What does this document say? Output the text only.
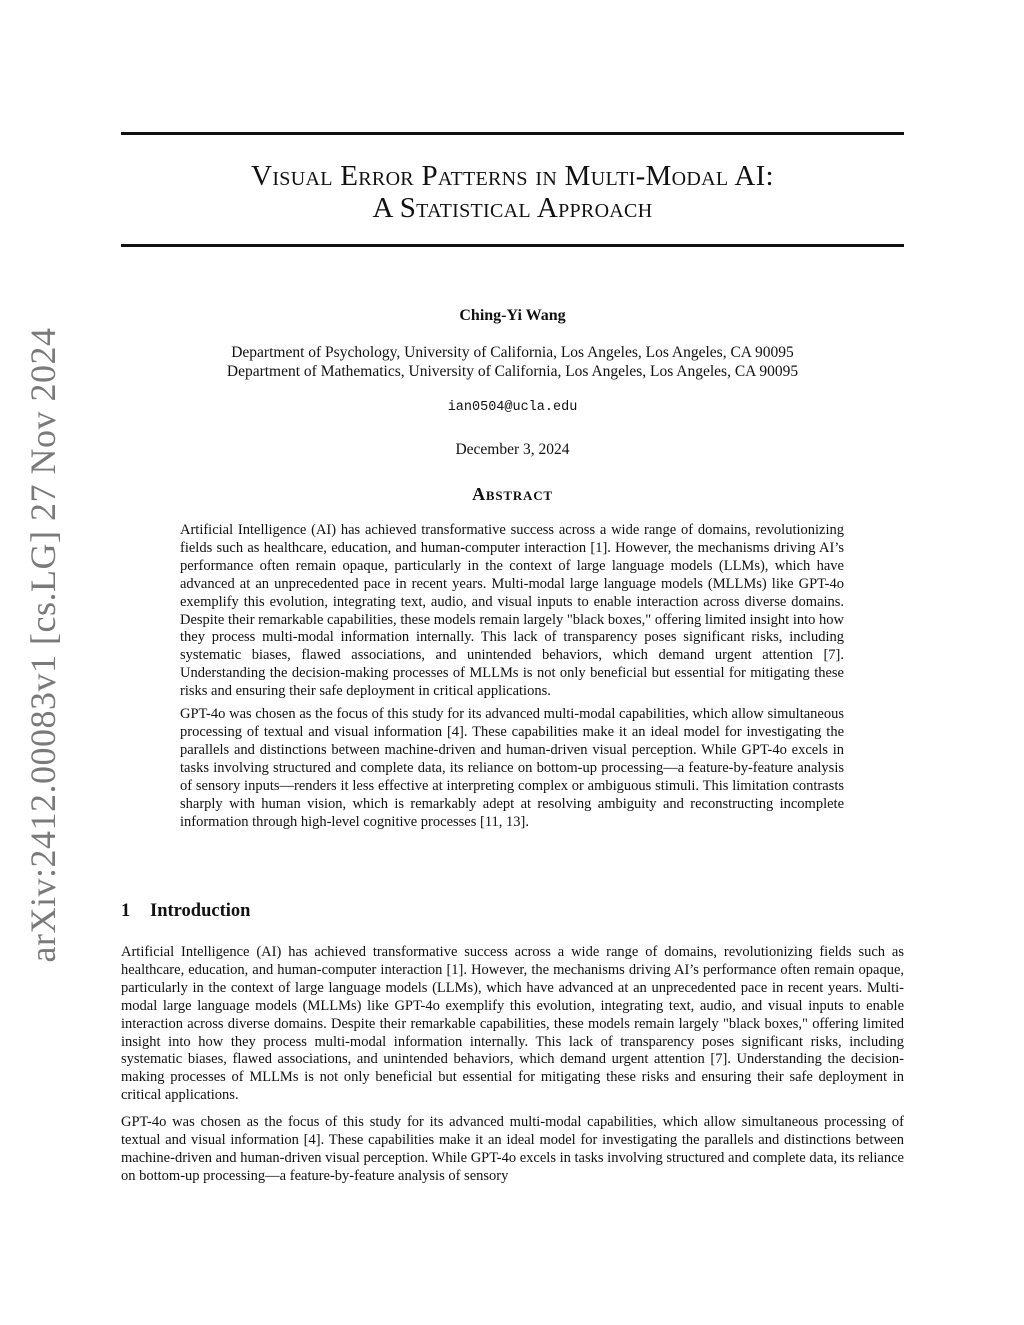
arXiv:2412.00083v1 [cs.LG] 27 Nov 2024
Visual Error Patterns in Multi-Modal AI:
A Statistical Approach
Ching-Yi Wang
Department of Psychology, University of California, Los Angeles, Los Angeles, CA 90095
Department of Mathematics, University of California, Los Angeles, Los Angeles, CA 90095
ian0504@ucla.edu
December 3, 2024
Abstract

Artificial Intelligence (AI) has achieved transformative success across a wide range of domains, revolutionizing fields such as healthcare, education, and human-computer interaction [1]. However, the mechanisms driving AI’s performance often remain opaque, particularly in the context of large language models (LLMs), which have advanced at an unprecedented pace in recent years. Multi-modal large language models (MLLMs) like GPT-4o exemplify this evolution, integrating text, audio, and visual inputs to enable interaction across diverse domains. Despite their remarkable capabilities, these models remain largely "black boxes," offering limited insight into how they process multi-modal information internally. This lack of transparency poses significant risks, including systematic biases, flawed associations, and unintended behaviors, which demand urgent attention [7]. Understanding the decision-making processes of MLLMs is not only beneficial but essential for mitigating these risks and ensuring their safe deployment in critical applications.

GPT-4o was chosen as the focus of this study for its advanced multi-modal capabilities, which allow simultaneous processing of textual and visual information [4]. These capabilities make it an ideal model for investigating the parallels and distinctions between machine-driven and human-driven visual perception. While GPT-4o excels in tasks involving structured and complete data, its reliance on bottom-up processing—a feature-by-feature analysis of sensory inputs—renders it less effective at interpreting complex or ambiguous stimuli. This limitation contrasts sharply with human vision, which is remarkably adept at resolving ambiguity and reconstructing incomplete information through high-level cognitive processes [11, 13].

1 Introduction

Artificial Intelligence (AI) has achieved transformative success across a wide range of domains, revolutionizing fields such as healthcare, education, and human-computer interaction [1]. However, the mechanisms driving AI’s performance often remain opaque, particularly in the context of large language models (LLMs), which have advanced at an unprecedented pace in recent years. Multi-modal large language models (MLLMs) like GPT-4o exemplify this evolution, integrating text, audio, and visual inputs to enable interaction across diverse domains. Despite their remarkable capabilities, these models remain largely "black boxes," offering limited insight into how they process multi-modal information internally. This lack of transparency poses significant risks, including systematic biases, flawed associations, and unintended behaviors, which demand urgent attention [7]. Understanding the decision-making processes of MLLMs is not only beneficial but essential for mitigating these risks and ensuring their safe deployment in critical applications.

GPT-4o was chosen as the focus of this study for its advanced multi-modal capabilities, which allow simultaneous processing of textual and visual information [4]. These capabilities make it an ideal model for investigating the parallels and distinctions between machine-driven and human-driven visual perception. While GPT-4o excels in tasks involving structured and complete data, its reliance on bottom-up processing—a feature-by-feature analysis of sensory
